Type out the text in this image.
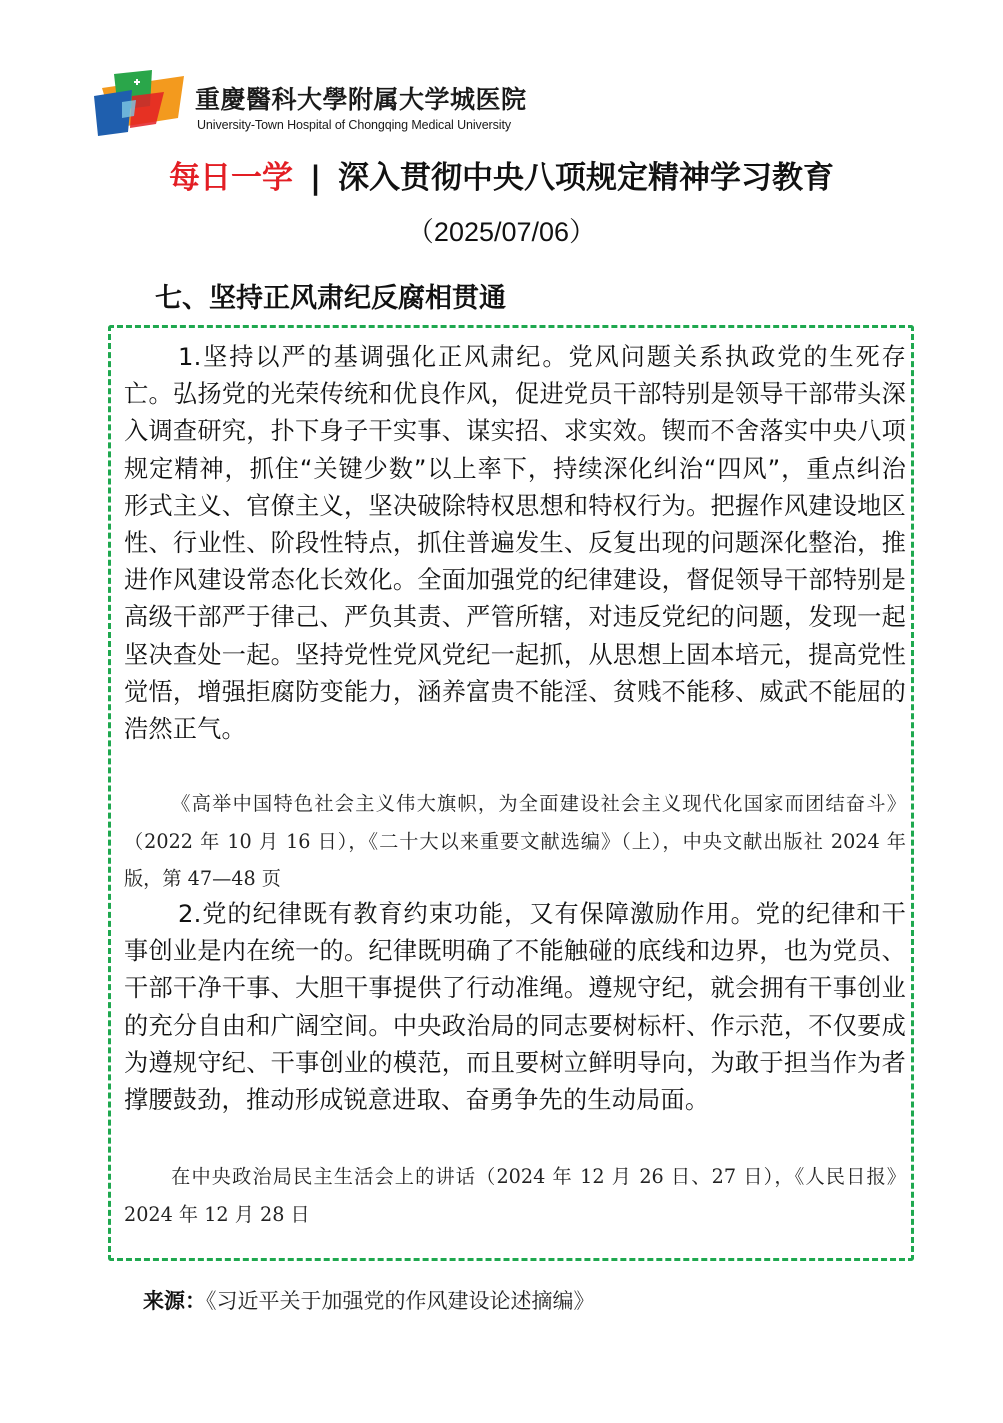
重慶醫科大學附属大学城医院
University-Town Hospital of Chongqing Medical University
每日一学 | 深入贯彻中央八项规定精神学习教育
（2025/07/06）
七、坚持正风肃纪反腐相贯通
1.坚持以严的基调强化正风肃纪。党风问题关系执政党的生死存亡。弘扬党的光荣传统和优良作风，促进党员干部特别是领导干部带头深入调查研究，扑下身子干实事、谋实招、求实效。锲而不舍落实中央八项规定精神，抓住“关键少数”以上率下，持续深化纠治“四风”，重点纠治形式主义、官僚主义，坚决破除特权思想和特权行为。把握作风建设地区性、行业性、阶段性特点，抓住普遍发生、反复出现的问题深化整治，推进作风建设常态化长效化。全面加强党的纪律建设，督促领导干部特别是高级干部严于律己、严负其责、严管所辖，对违反党纪的问题，发现一起坚决查处一起。坚持党性党风党纪一起抓，从思想上固本培元，提高党性觉悟，增强拒腐防变能力，涵养富贵不能淫、贫贱不能移、威武不能屈的浩然正气。
《高举中国特色社会主义伟大旗帜，为全面建设社会主义现代化国家而团结奋斗》（2022 年 10 月 16 日），《二十大以来重要文献选编》（上），中央文献出版社 2024 年版，第 47—48 页
2.党的纪律既有教育约束功能，又有保障激励作用。党的纪律和干事创业是内在统一的。纪律既明确了不能触碰的底线和边界，也为党员、干部干净干事、大胆干事提供了行动准绳。遵规守纪，就会拥有干事创业的充分自由和广阔空间。中央政治局的同志要树标杆、作示范，不仅要成为遵规守纪、干事创业的模范，而且要树立鲜明导向，为敢于担当作为者撑腰鼓劲，推动形成锐意进取、奋勇争先的生动局面。
在中央政治局民主生活会上的讲话（2024 年 12 月 26 日、27 日），《人民日报》2024 年 12 月 28 日
来源：《习近平关于加强党的作风建设论述摘编》
